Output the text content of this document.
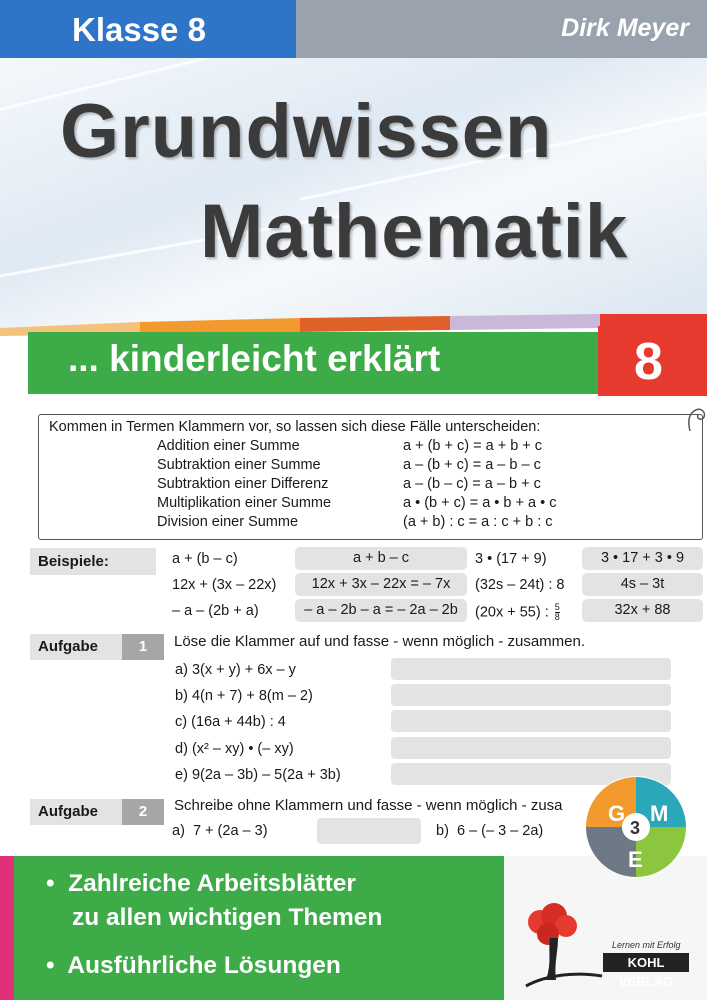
Klasse 8	Dirk Meyer
Grundwissen
Mathematik
... kinderleicht erklärt	8
Kommen in Termen Klammern vor, so lassen sich diese Fälle unterscheiden:
Addition einer Summe	a + (b + c) = a + b + c
Subtraktion einer Summe	a – (b + c) = a – b – c
Subtraktion einer Differenz	a – (b – c) = a – b + c
Multiplikation einer Summe	a • (b + c) = a • b + a • c
Division einer Summe	(a + b) : c = a : c + b : c
Beispiele:	a + (b – c)	a + b – c	3 • (17 + 9)	3 • 17 + 3 • 9
12x + (3x – 22x)	12x + 3x – 22x = – 7x	(32s – 24t) : 8	4s – 3t
– a – (2b + a)	– a – 2b – a = – 2a – 2b	(20x + 55) : $\frac{5}{8}$	32x + 88
Aufgabe	1	Löse die Klammer auf und fasse - wenn möglich - zusammen.
a) 3(x + y) + 6x – y
b) 4(n + 7) + 8(m – 2)
c) (16a + 44b) : 4
d) (x² – xy) • (– xy)
e) 9(2a – 3b) – 5(2a + 3b)
Aufgabe	2	Schreibe ohne Klammern und fasse - wenn möglich - zusa
a) 7 + (2a – 3)	b) 6 – (– 3 – 2a)
•  Zahlreiche Arbeitsblätter
zu allen wichtigen Themen
•  Ausführliche Lösungen
G M
E
3
Lernen mit Erfolg
KOHL VERLAG
